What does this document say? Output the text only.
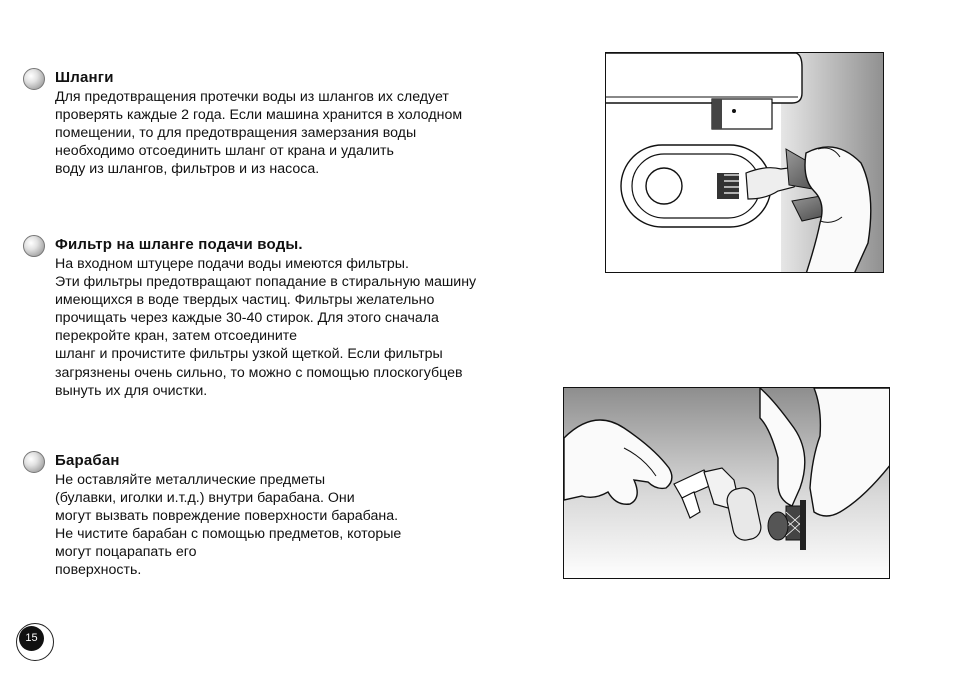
Шланги

Для предотвращения протечки воды из шлангов их следует
проверять каждые 2 года. Если машина хранится в холодном
помещении, то для предотвращения замерзания воды
необходимо отсоединить шланг от крана и удалить
воду из шлангов, фильтров и из насоса.

Фильтр на шланге подачи воды.

На входном штуцере подачи воды имеются фильтры.
Эти фильтры предотвращают попадание в стиральную машину
имеющихся в воде твердых частиц. Фильтры желательно
прочищать через каждые 30-40 стирок. Для этого сначала
перекройте кран, затем отсоедините
шланг и прочистите фильтры узкой щеткой. Если фильтры
загрязнены очень сильно, то можно с помощью плоскогубцев
вынуть их для очистки.

Барабан

Не оставляйте металлические предметы
(булавки, иголки и.т.д.) внутри барабана. Они
могут вызвать повреждение поверхности барабана.
Не чистите барабан с помощью предметов, которые
могут поцарапать его
поверхность.

15
